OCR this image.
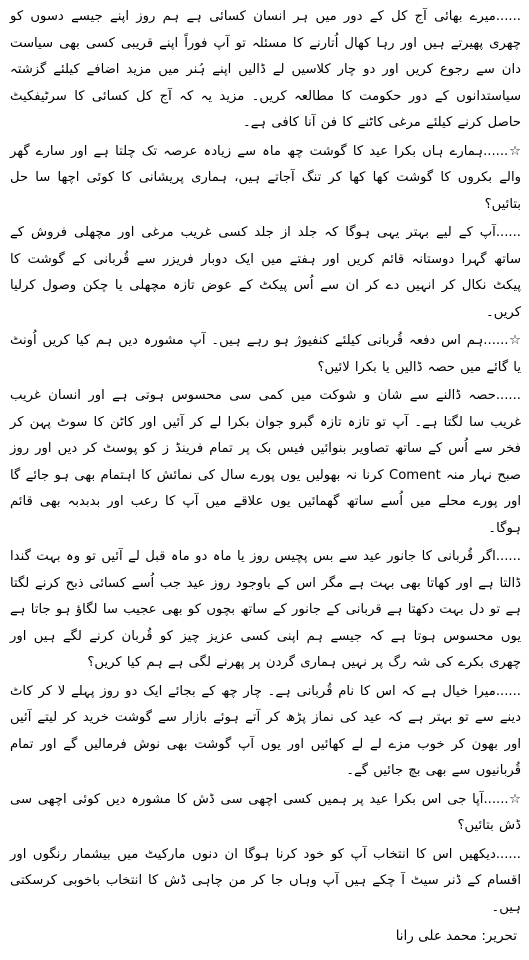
......میرے بھائی آج کل کے دور میں ہر انسان کسائی ہے ہم روز اپنے جیسے دسوں کو چھری پھیرتے ہیں اور رہا کھال اُتارنے کا مسئلہ تو آپ فوراً اپنے قریبی کسی بھی سیاست دان سے رجوع کریں اور دو چار کلاسیں لے ڈالیں اپنے ہُنر میں مزید اضافے کیلئے گزشتہ سیاستدانوں کے دور حکومت کا مطالعہ کریں۔ مزید یہ کہ آج کل کسائی کا سرٹیفکیٹ حاصل کرنے کیلئے مرغی کاٹنے کا فن آنا کافی ہے۔

☆......ہمارے ہاں بکرا عید کا گوشت چھ ماہ سے زیادہ عرصہ تک چلتا ہے اور سارے گھر والے بکروں کا گوشت کھا کھا کر تنگ آجاتے ہیں، ہماری پریشانی کا کوئی اچھا سا حل بتائیں؟

......آپ کے لیے بہتر یہی ہوگا کہ جلد از جلد کسی غریب مرغی اور مچھلی فروش کے ساتھ گہرا دوستانہ قائم کریں اور ہفتے میں ایک دوبار فریزر سے قُربانی کے گوشت کا پیکٹ نکال کر انہیں دے کر ان سے اُس پیکٹ کے عوض تازہ مچھلی یا چکن وصول کرلیا کریں۔

☆......ہم اس دفعہ قُربانی کیلئے کنفیوژ ہو رہے ہیں۔ آپ مشورہ دیں ہم کیا کریں اُونٹ یا گائے میں حصہ ڈالیں یا بکرا لائیں؟

......حصہ ڈالنے سے شان و شوکت میں کمی سی محسوس ہوتی ہے اور انسان غریب غریب سا لگتا ہے۔ آپ تو تازہ تازہ گبرو جوان بکرا لے کر آئیں اور کاٹن کا سوٹ پہن کر فخر سے اُس کے ساتھ تصاویر بنوائیں فیس بک پر تمام فرینڈ ز کو پوسٹ کر دیں اور روز صبح نہار منہ Coment کرنا نہ بھولیں یوں پورے سال کی نمائش کا اہتمام بھی ہو جائے گا اور پورے محلے میں اُسے ساتھ گھمائیں یوں علاقے میں آپ کا رعب اور بدبدبہ بھی قائم ہوگا۔

......اگر قُربانی کا جانور عید سے بس پچیس روز یا ماہ دو ماہ قبل لے آئیں تو وہ بہت گندا ڈالتا ہے اور کھاتا بھی بہت ہے مگر اس کے باوجود روز عید جب اُسے کسائی ذبح کرنے لگتا ہے تو دل بہت دکھتا ہے قربانی کے جانور کے ساتھ بچوں کو بھی عجیب سا لگاؤ ہو جاتا ہے یوں محسوس ہوتا ہے کہ جیسے ہم اپنی کسی عزیز چیز کو قُربان کرنے لگے ہیں اور چھری بکرے کی شہ رگ پر نہیں ہماری گردن پر پھرنے لگی ہے ہم کیا کریں؟

......میرا خیال ہے کہ اس کا نام قُربانی ہے۔ چار چھ کے بجائے ایک دو روز پہلے لا کر کاٹ دینے سے تو بہتر ہے کہ عید کی نماز پڑھ کر آتے ہوئے بازار سے گوشت خرید کر لیتے آئیں اور بھون کر خوب مزے لے لے کھائیں اور یوں آپ گوشت بھی نوش فرمالیں گے اور تمام قُربانیوں سے بھی بچ جائیں گے۔

☆......آپا جی اس بکرا عید پر ہمیں کسی اچھی سی ڈش کا مشورہ دیں کوئی اچھی سی ڈش بتائیں؟

......دیکھیں اس کا انتخاب آپ کو خود کرنا ہوگا ان دنوں مارکیٹ میں بیشمار رنگوں اور اقسام کے ڈنر سیٹ آ چکے ہیں آپ وہاں جا کر من چاہی ڈش کا انتخاب باخوبی کرسکتی ہیں۔

تحریر: محمد علی رانا
